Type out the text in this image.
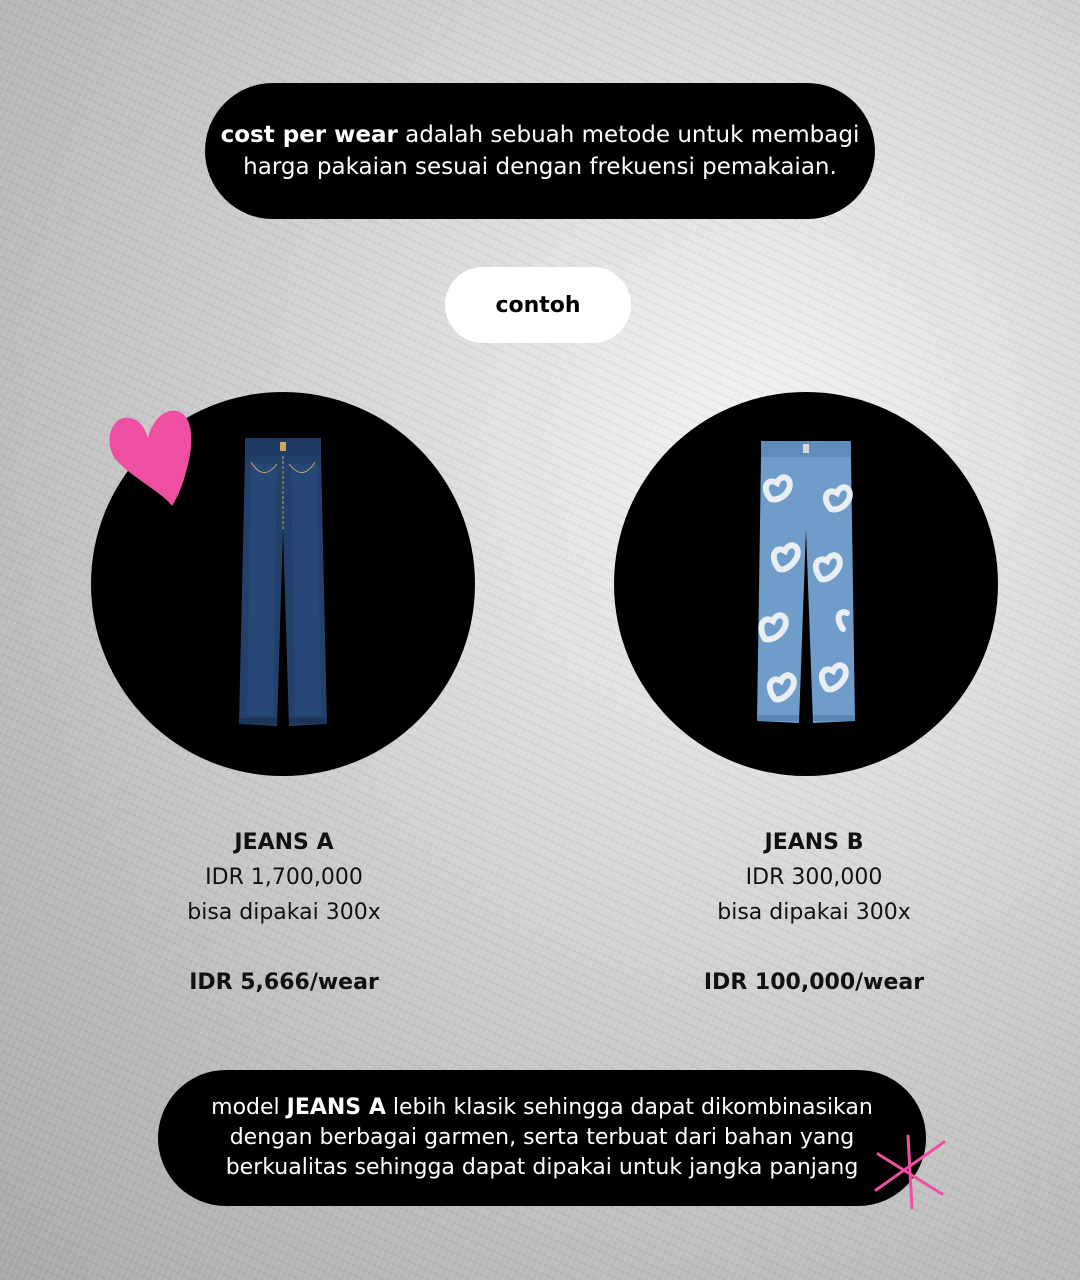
cost per wear adalah sebuah metode untuk membagi
harga pakaian sesuai dengan frekuensi pemakaian.
contoh
JEANS A
IDR 1,700,000
bisa dipakai 300x
IDR 5,666/wear
JEANS B
IDR 300,000
bisa dipakai 300x
IDR 100,000/wear
model JEANS A lebih klasik sehingga dapat dikombinasikan
dengan berbagai garmen, serta terbuat dari bahan yang
berkualitas sehingga dapat dipakai untuk jangka panjang
